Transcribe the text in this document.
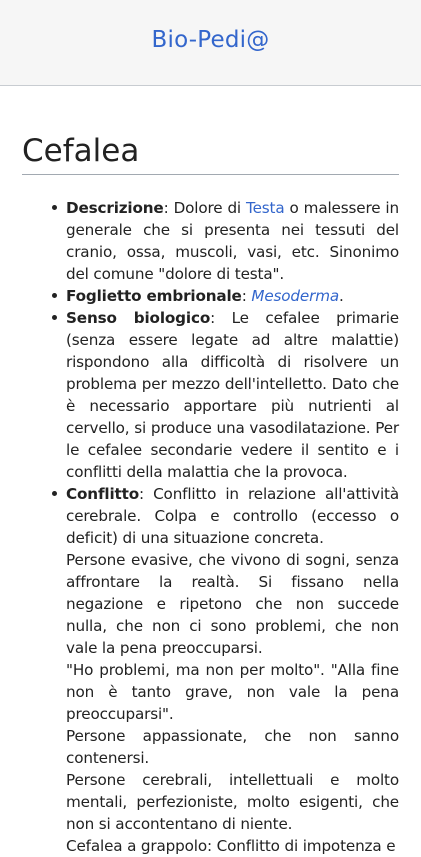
Bio-Pedi@
Cefalea
Descrizione: Dolore di Testa o malessere in generale che si presenta nei tessuti del cranio, ossa, muscoli, vasi, etc. Sinonimo del comune "dolore di testa".
Foglietto embrionale: Mesoderma.
Senso biologico: Le cefalee primarie (senza essere legate ad altre malattie) rispondono alla difficoltà di risolvere un problema per mezzo dell'intelletto. Dato che è necessario apportare più nutrienti al cervello, si produce una vasodilatazione. Per le cefalee secondarie vedere il sentito e i conflitti della malattia che la provoca.
Conflitto: Conflitto in relazione all'attività cerebrale. Colpa e controllo (eccesso o deficit) di una situazione concreta.
Persone evasive, che vivono di sogni, senza affrontare la realtà. Si fissano nella negazione e ripetono che non succede nulla, che non ci sono problemi, che non vale la pena preoccuparsi.
"Ho problemi, ma non per molto". "Alla fine non è tanto grave, non vale la pena preoccuparsi".
Persone appassionate, che non sanno contenersi.
Persone cerebrali, intellettuali e molto mentali, perfezioniste, molto esigenti, che non si accontentano di niente.
Cefalea a grappolo: Conflitto di impotenza e
